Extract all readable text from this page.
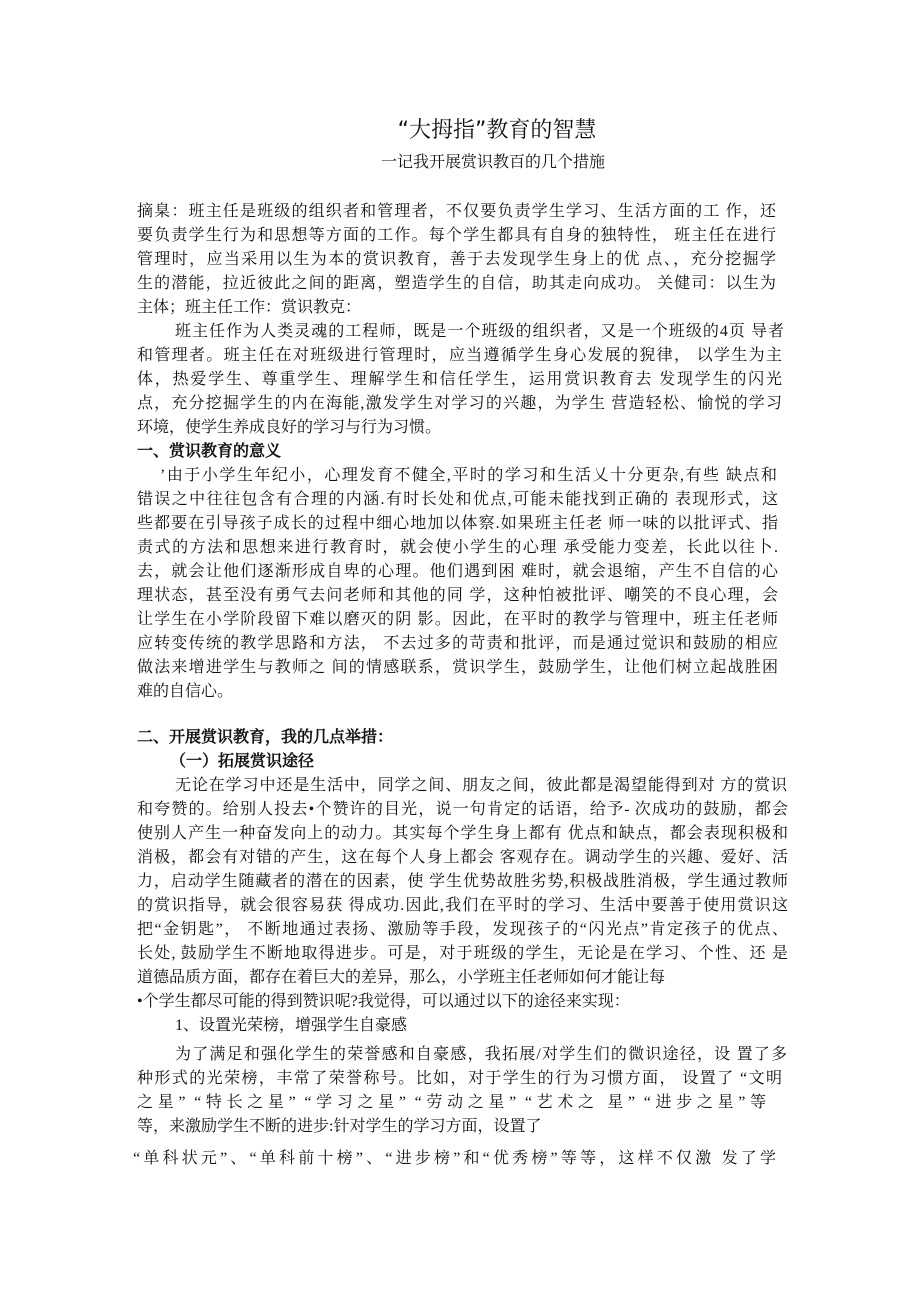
“大拇指”教育的智慧
一记我开展赏识教百的几个措施
摘臬：班主任是班级的组织者和管理者，不仅要负责学生学习、生活方面的工 作，还
要负责学生行为和思想等方面的工作。每个学生都具有自身的独特性， 班主任在进行
管理时，应当采用以生为本的赏识教育，善于去发现学生身上的优 点、，充分挖掘学
生的潜能，拉近彼此之间的距离，塑造学生的自信，助其走向成功。 关健司：以生为
主体；班主任工作：赏识教克：
班主任作为人类灵魂的工程师，既是一个班级的组织者，又是一个班级的4页 导者
和管理者。班主任在对班级进行管理时，应当遵循学生身心发展的猊律， 以学生为主
体，热爱学生、尊重学生、理解学生和信任学生，运用赏识教育去 发现学生的闪光
点，充分挖掘学生的内在海能,激发学生对学习的兴趣，为学生 营造轻松、愉悦的学习
环境，使学生养成良好的学习与行为习惯。
一、赏识教育的意义
’由于小学生年纪小，心理发育不健全,平时的学习和生活乂十分更杂,有些 缺点和
错误之中往往包含有合理的内涵.有时长处和优点,可能未能找到正确的 表现形式，这
些都要在引导孩子成长的过程中细心地加以体察.如果班主任老 师一味的以批评式、指
责式的方法和思想来进行教育时，就会使小学生的心理 承受能力变差，长此以往卜.
去，就会让他们逐渐形成自卑的心理。他们遇到困 难时，就会退缩，产生不自信的心
理状态，甚至没有勇气去问老师和其他的同 学，这种怕被批评、嘲笑的不良心理，会
让学生在小学阶段留下难以磨灭的阴 影。因此，在平时的教学与管理中，班主任老师
应转变传统的教学思路和方法， 不去过多的苛责和批评，而是通过觉识和鼓励的相应
做法来增进学生与教师之 间的情感联系，赏识学生，鼓励学生，让他们树立起战胜困
难的自信心。
二、开展赏识教育，我的几点举措：
（一）拓展赏识途径
无论在学习中还是生活中，同学之间、朋友之间，彼此都是渴望能得到对 方的赏识
和夸赞的。给别人投去•个赞许的目光，说一句肯定的话语，给予- 次成功的鼓励，都会
使别人产生一种奋发向上的动力。其实每个学生身上都有 优点和缺点，都会表现积极和
消极，都会有对错的产生，这在每个人身上都会 客观存在。调动学生的兴趣、爱好、活
力，启动学生随藏者的潜在的因素，使 学生优势故胜劣势,积极战胜消极，学生通过教师
的赏识指导，就会很容易获 得成功.因此,我们在平时的学习、生活中要善于使用赏识这
把“金钥匙”， 不断地通过表扬、激励等手段，发现孩子的“闪光点”肯定孩子的优点、
长处, 鼓励学生不断地取得进步。可是，对于班级的学生，无论是在学习、个性、还 是
道德品质方面，都存在着巨大的差异，那么，小学班主任老师如何才能让每
•个学生都尽可能的得到赞识呢?我觉得，可以通过以下的途径来实现：
1、设置光荣榜，增强学生自豪感
为了满足和强化学生的荣誉感和自豪感，我拓展/对学生们的微识途径，设 置了多
种形式的光荣榜，丰常了荣誉称号。比如，对于学生的行为习惯方面， 设置了 “文明
之星” “特长之星” “学习之星” “劳动之星” “艺术之 星” “进步之星”等
等，来激励学生不断的进步:针对学生的学习方面，设置了
“单科状元”、“单科前十榜”、“进步榜”和“优秀榜”等等，这样不仅激 发了学
